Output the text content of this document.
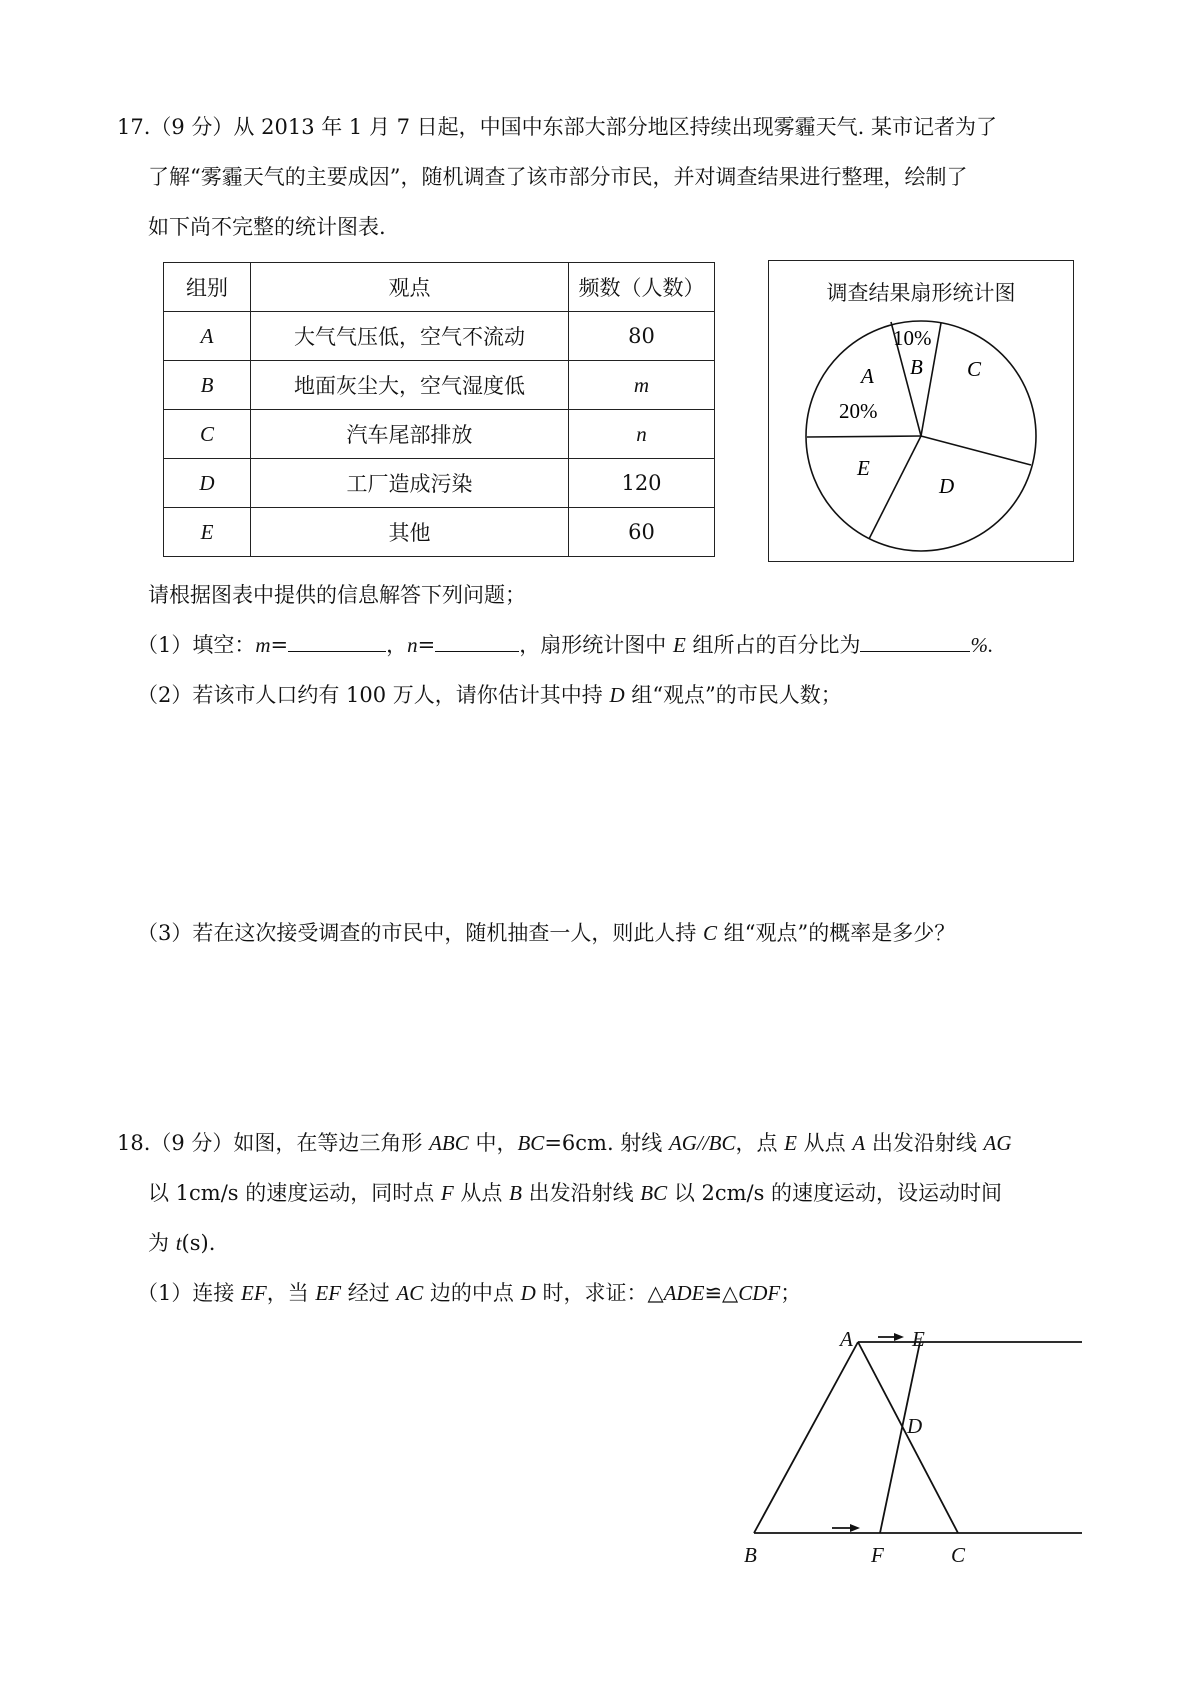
17.（9 分）从 2013 年 1 月 7 日起，中国中东部大部分地区持续出现雾霾天气. 某市记者为了
了解“雾霾天气的主要成因”，随机调查了该市部分市民，并对调查结果进行整理，绘制了
如下尚不完整的统计图表.
组别	观点	频数（人数）
A	大气气压低，空气不流动	80
B	地面灰尘大，空气湿度低	m
C	汽车尾部排放	n
D	工厂造成污染	120
E	其他	60
调查结果扇形统计图
10%
B C
A
20%
E
D
请根据图表中提供的信息解答下列问题；
（1）填空：m=	，n=	，扇形统计图中 E 组所占的百分比为	%.
（2）若该市人口约有 100 万人，请你估计其中持 D 组“观点”的市民人数；
（3）若在这次接受调查的市民中，随机抽查一人，则此人持 C 组“观点”的概率是多少？
18.（9 分）如图，在等边三角形 ABC 中，BC=6cm. 射线 AG//BC，点 E 从点 A 出发沿射线 AG
以 1cm/s 的速度运动，同时点 F 从点 B 出发沿射线 BC 以 2cm/s 的速度运动，设运动时间
为 t(s).
（1）连接 EF，当 EF 经过 AC 边的中点 D 时，求证：△ADE≌△CDF；
A	E
D
B	F	C
